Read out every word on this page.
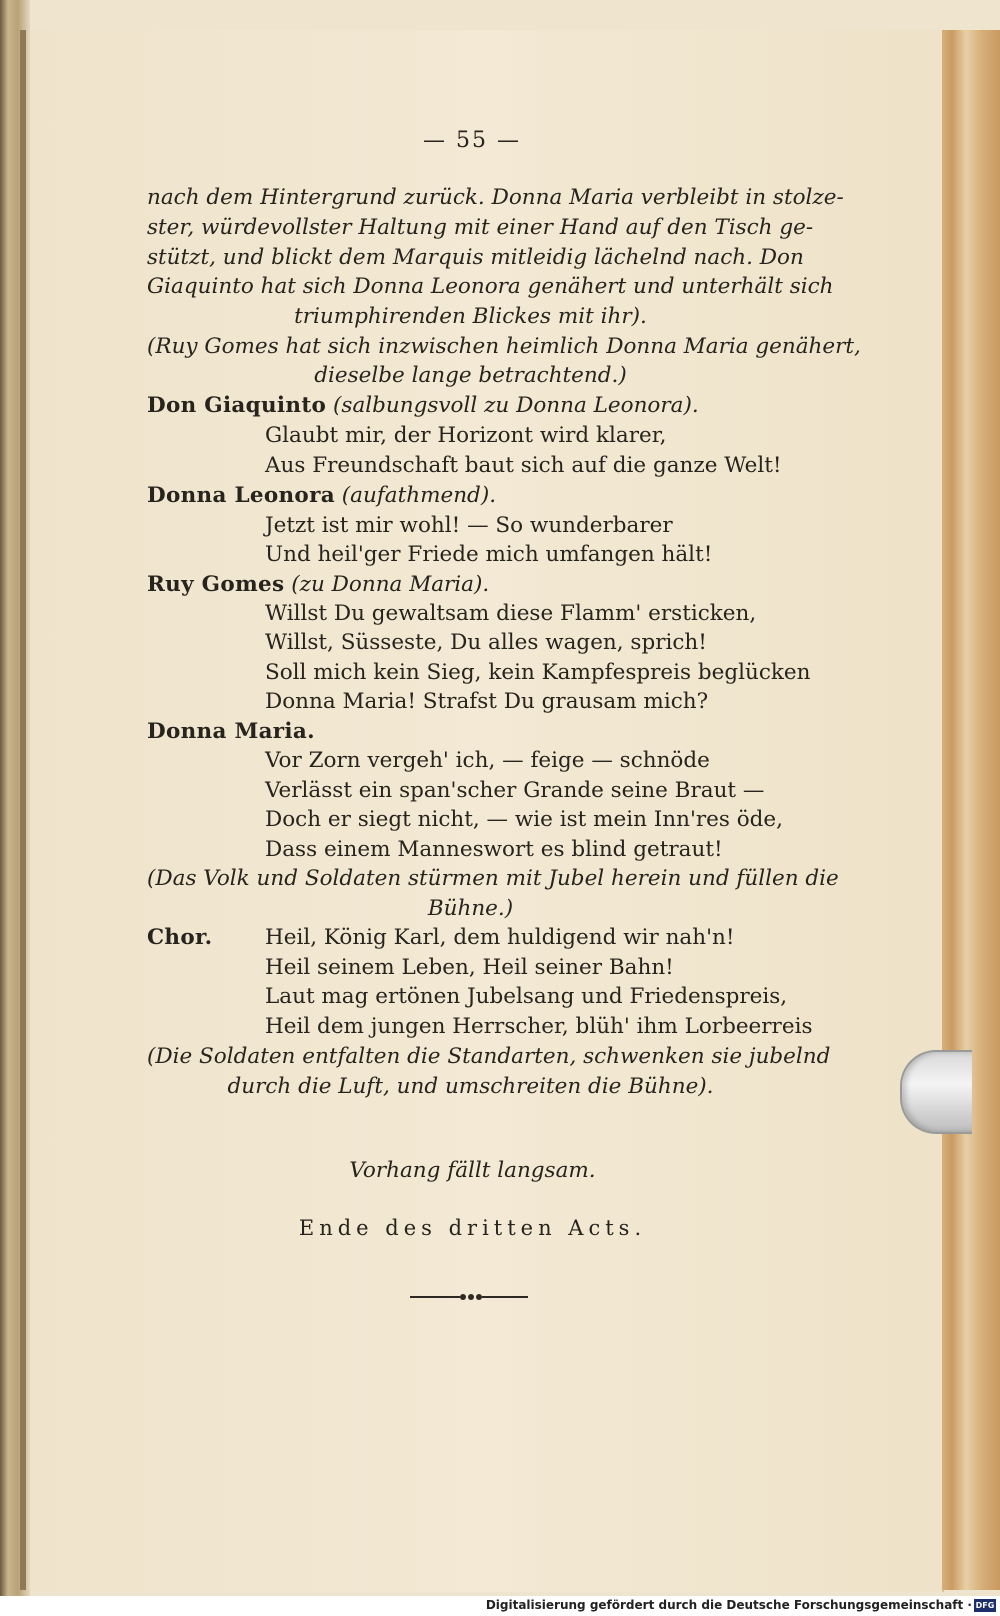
— 55 —
nach dem Hintergrund zurück. Donna Maria verbleibt in stolze-
ster, würdevollster Haltung mit einer Hand auf den Tisch ge-
stützt, und blickt dem Marquis mitleidig lächelnd nach. Don
Giaquinto hat sich Donna Leonora genähert und unterhält sich
triumphirenden Blickes mit ihr).
(Ruy Gomes hat sich inzwischen heimlich Donna Maria genähert,
dieselbe lange betrachtend.)
Don Giaquinto (salbungsvoll zu Donna Leonora).
Glaubt mir, der Horizont wird klarer,
Aus Freundschaft baut sich auf die ganze Welt!
Donna Leonora (aufathmend).
Jetzt ist mir wohl! — So wunderbarer
Und heil'ger Friede mich umfangen hält!
Ruy Gomes (zu Donna Maria).
Willst Du gewaltsam diese Flamm' ersticken,
Willst, Süsseste, Du alles wagen, sprich!
Soll mich kein Sieg, kein Kampfespreis beglücken
Donna Maria! Strafst Du grausam mich?
Donna Maria.
Vor Zorn vergeh' ich, — feige — schnöde
Verlässt ein span'scher Grande seine Braut —
Doch er siegt nicht, — wie ist mein Inn'res öde,
Dass einem Manneswort es blind getraut!
(Das Volk und Soldaten stürmen mit Jubel herein und füllen die
Bühne.)
Chor. Heil, König Karl, dem huldigend wir nah'n!
Heil seinem Leben, Heil seiner Bahn!
Laut mag ertönen Jubelsang und Friedenspreis,
Heil dem jungen Herrscher, blüh' ihm Lorbeerreis
(Die Soldaten entfalten die Standarten, schwenken sie jubelnd
durch die Luft, und umschreiten die Bühne).
Vorhang fällt langsam.
Ende des dritten Acts.
Digitalisierung gefördert durch die Deutsche Forschungsgemeinschaft · DFG
